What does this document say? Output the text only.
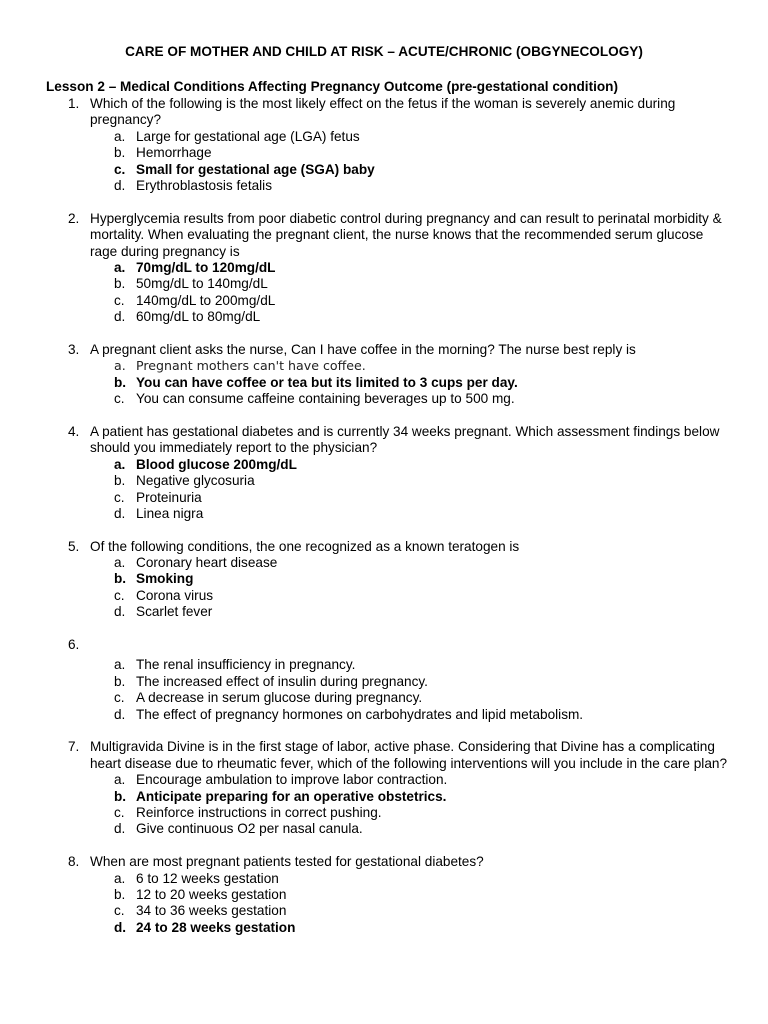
CARE OF MOTHER AND CHILD AT RISK – ACUTE/CHRONIC (OBGYNECOLOGY)
Lesson 2 – Medical Conditions Affecting Pregnancy Outcome (pre-gestational condition)
1. Which of the following is the most likely effect on the fetus if the woman is severely anemic during pregnancy?
a. Large for gestational age (LGA) fetus
b. Hemorrhage
c. Small for gestational age (SGA) baby
d. Erythroblastosis fetalis
2. Hyperglycemia results from poor diabetic control during pregnancy and can result to perinatal morbidity & mortality. When evaluating the pregnant client, the nurse knows that the recommended serum glucose rage during pregnancy is
a. 70mg/dL to 120mg/dL
b. 50mg/dL to 140mg/dL
c. 140mg/dL to 200mg/dL
d. 60mg/dL to 80mg/dL
3. A pregnant client asks the nurse, Can I have coffee in the morning? The nurse best reply is
a. Pregnant mothers can't have coffee.
b. You can have coffee or tea but its limited to 3 cups per day.
c. You can consume caffeine containing beverages up to 500 mg.
4. A patient has gestational diabetes and is currently 34 weeks pregnant. Which assessment findings below should you immediately report to the physician?
a. Blood glucose 200mg/dL
b. Negative glycosuria
c. Proteinuria
d. Linea nigra
5. Of the following conditions, the one recognized as a known teratogen is
a. Coronary heart disease
b. Smoking
c. Corona virus
d. Scarlet fever
6.
a. The renal insufficiency in pregnancy.
b. The increased effect of insulin during pregnancy.
c. A decrease in serum glucose during pregnancy.
d. The effect of pregnancy hormones on carbohydrates and lipid metabolism.
7. Multigravida Divine is in the first stage of labor, active phase. Considering that Divine has a complicating heart disease due to rheumatic fever, which of the following interventions will you include in the care plan?
a. Encourage ambulation to improve labor contraction.
b. Anticipate preparing for an operative obstetrics.
c. Reinforce instructions in correct pushing.
d. Give continuous O2 per nasal canula.
8. When are most pregnant patients tested for gestational diabetes?
a. 6 to 12 weeks gestation
b. 12 to 20 weeks gestation
c. 34 to 36 weeks gestation
d. 24 to 28 weeks gestation
